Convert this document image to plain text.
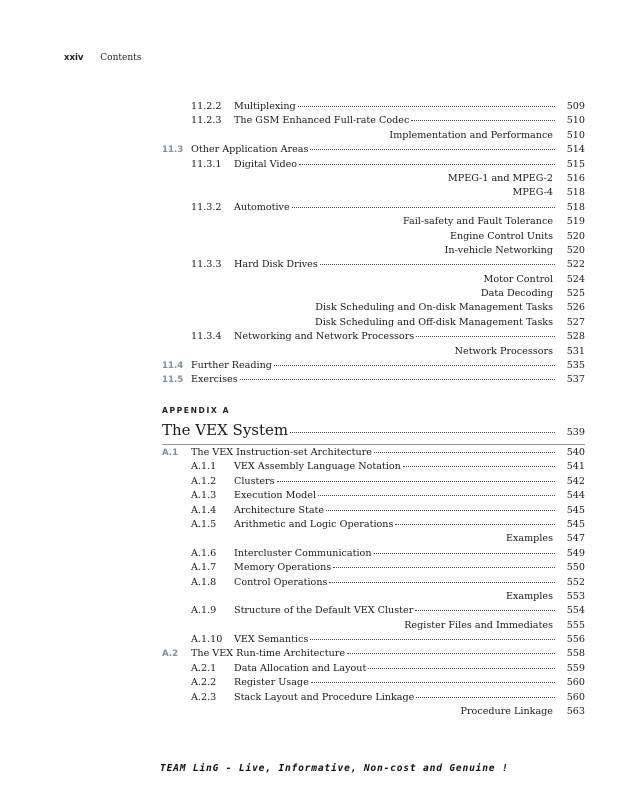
xxiv Contents
11.2.2 Multiplexing	509
11.2.3 The GSM Enhanced Full-rate Codec	510
Implementation and Performance	510
11.3 Other Application Areas	514
11.3.1 Digital Video	515
MPEG-1 and MPEG-2	516
MPEG-4	518
11.3.2 Automotive	518
Fail-safety and Fault Tolerance	519
Engine Control Units	520
In-vehicle Networking	520
11.3.3 Hard Disk Drives	522
Motor Control	524
Data Decoding	525
Disk Scheduling and On-disk Management Tasks	526
Disk Scheduling and Off-disk Management Tasks	527
11.3.4 Networking and Network Processors	528
Network Processors	531
11.4 Further Reading	535
11.5 Exercises	537
APPENDIX A
The VEX System	539
A.1 The VEX Instruction-set Architecture	540
A.1.1 VEX Assembly Language Notation	541
A.1.2 Clusters	542
A.1.3 Execution Model	544
A.1.4 Architecture State	545
A.1.5 Arithmetic and Logic Operations	545
Examples	547
A.1.6 Intercluster Communication	549
A.1.7 Memory Operations	550
A.1.8 Control Operations	552
Examples	553
A.1.9 Structure of the Default VEX Cluster	554
Register Files and Immediates	555
A.1.10 VEX Semantics	556
A.2 The VEX Run-time Architecture	558
A.2.1 Data Allocation and Layout	559
A.2.2 Register Usage	560
A.2.3 Stack Layout and Procedure Linkage	560
Procedure Linkage	563
TEAM LinG - Live, Informative, Non-cost and Genuine !
